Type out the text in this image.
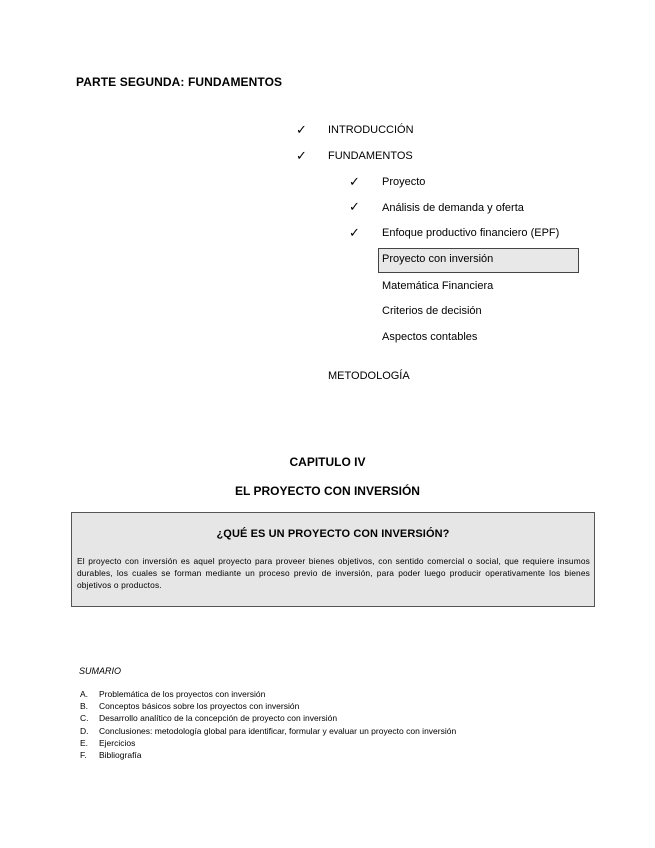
PARTE SEGUNDA: FUNDAMENTOS
✓ INTRODUCCIÓN
✓ FUNDAMENTOS
✓ Proyecto
✓ Análisis de demanda y oferta
✓ Enfoque productivo financiero (EPF)
Proyecto con inversión
Matemática Financiera
Criterios de decisión
Aspectos contables
METODOLOGÍA
CAPITULO IV
EL PROYECTO CON INVERSIÓN
¿QUÉ ES UN PROYECTO CON INVERSIÓN?
El proyecto con inversión es aquel proyecto para proveer bienes objetivos, con sentido comercial o social, que requiere insumos durables, los cuales se forman mediante un proceso previo de inversión, para poder luego producir operativamente los bienes objetivos o productos.
SUMARIO
A. Problemática de los proyectos con inversión
B. Conceptos básicos sobre los proyectos con inversión
C. Desarrollo analítico de la concepción de proyecto con inversión
D. Conclusiones: metodología global para identificar, formular y evaluar un proyecto con inversión
E. Ejercicios
F. Bibliografía
